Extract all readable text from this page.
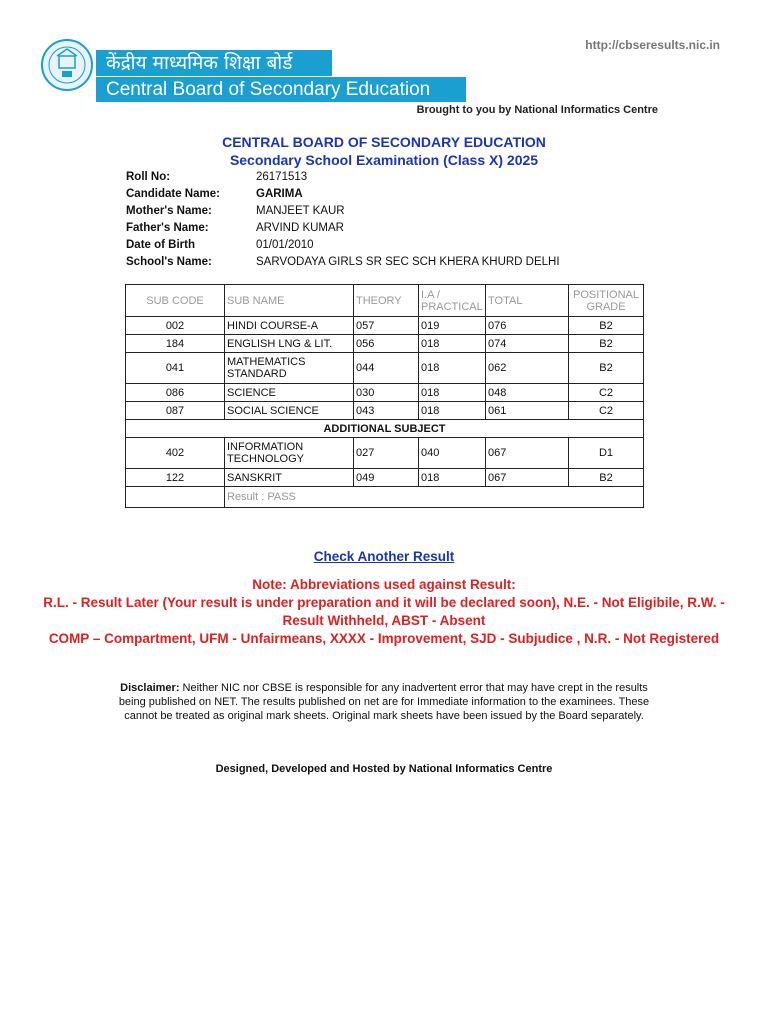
केंद्रीय माध्यमिक शिक्षा बोर्ड
Central Board of Secondary Education
http://cbseresults.nic.in
Brought to you by National Informatics Centre
CENTRAL BOARD OF SECONDARY EDUCATION
Secondary School Examination (Class X) 2025
Roll No:	26171513
Candidate Name:	GARIMA
Mother's Name:	MANJEET KAUR
Father's Name:	ARVIND KUMAR
Date of Birth	01/01/2010
School's Name:	SARVODAYA GIRLS SR SEC SCH KHERA KHURD DELHI
SUB CODE	SUB NAME	THEORY	I.A / PRACTICAL	TOTAL	POSITIONAL GRADE
002	HINDI COURSE-A	057	019	076	B2
184	ENGLISH LNG & LIT.	056	018	074	B2
041	MATHEMATICS STANDARD	044	018	062	B2
086	SCIENCE	030	018	048	C2
087	SOCIAL SCIENCE	043	018	061	C2
ADDITIONAL SUBJECT					
402	INFORMATION TECHNOLOGY	027	040	067	D1
122	SANSKRIT	049	018	067	B2
	Result : PASS				
Check Another Result

Note: Abbreviations used against Result:

R.L. - Result Later (Your result is under preparation and it will be declared soon), N.E. - Not Eligibile, R.W. - Result Withheld, ABST - Absent

COMP – Compartment, UFM - Unfairmeans, XXXX - Improvement, SJD - Subjudice , N.R. - Not Registered

Disclaimer: Neither NIC nor CBSE is responsible for any inadvertent error that may have crept in the results being published on NET. The results published on net are for Immediate information to the examinees. These cannot be treated as original mark sheets. Original mark sheets have been issued by the Board separately.
Designed, Developed and Hosted by National Informatics Centre
